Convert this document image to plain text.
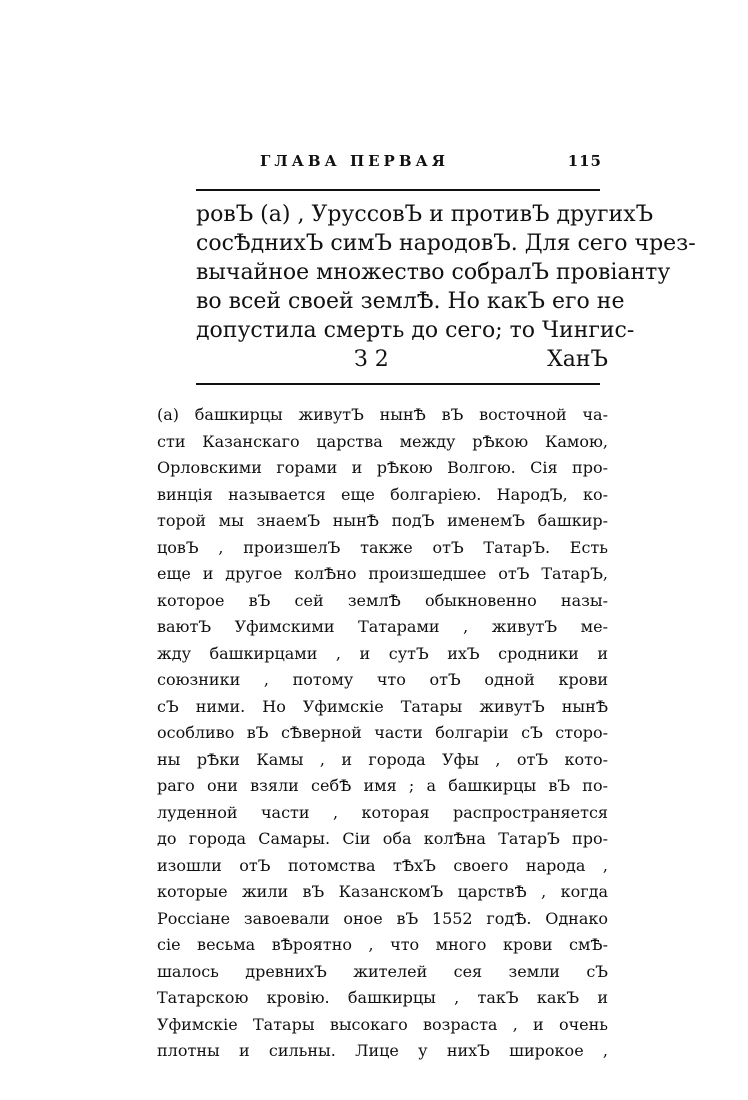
ГЛАВА ПЕРВАЯ	115
ровЪ (a) , УруссовЪ и противЪ другихЪ
сосѢднихЪ симЪ народовЪ. Для сего чрез-
вычайное множество собралЪ провіанту
во всей своей землѢ. Но какЪ его не
допустила смерть до сего; то Чингис-
З 2	ХанЪ
(a) башкирцы живутЪ нынѢ вЪ восточной ча-
сти Казанскаго царства между рѢкою Камою,
Орловскими горами и рѢкою Волгою. Сія про-
винція называется еще болгаріею. НародЪ, ко-
торой мы знаемЪ нынѢ подЪ именемЪ башкир-
цовЪ , произшелЪ также отЪ ТатарЪ. Есть
еще и другое колѢно произшедшее отЪ ТатарЪ,
которое вЪ сей землѢ обыкновенно назы-
ваютЪ Уфимскими Татарами , живутЪ ме-
жду башкирцами , и сутЪ ихЪ сродники и
союзники , потому что отЪ одной крови
сЪ ними. Но Уфимскіе Татары живутЪ нынѢ
особливо вЪ сѢверной части болгаріи сЪ сторо-
ны рѢки Камы , и города Уфы , отЪ кото-
раго они взяли себѢ имя ; а башкирцы вЪ по-
луденной части , которая распространяется
до города Самары. Сіи оба колѢна ТатарЪ про-
изошли отЪ потомства тѢхЪ своего народа ,
которые жили вЪ КазанскомЪ царствѢ , когда
Россіане завоевали оное вЪ 1552 годѢ. Однако
сіе весьма вѢроятно , что много крови смѢ-
шалось древнихЪ жителей сея земли сЪ
Татарскою кровію. башкирцы , такЪ какЪ и
Уфимскіе Татары высокаго возраста , и очень
плотны и сильны. Лице у нихЪ широкое ,
